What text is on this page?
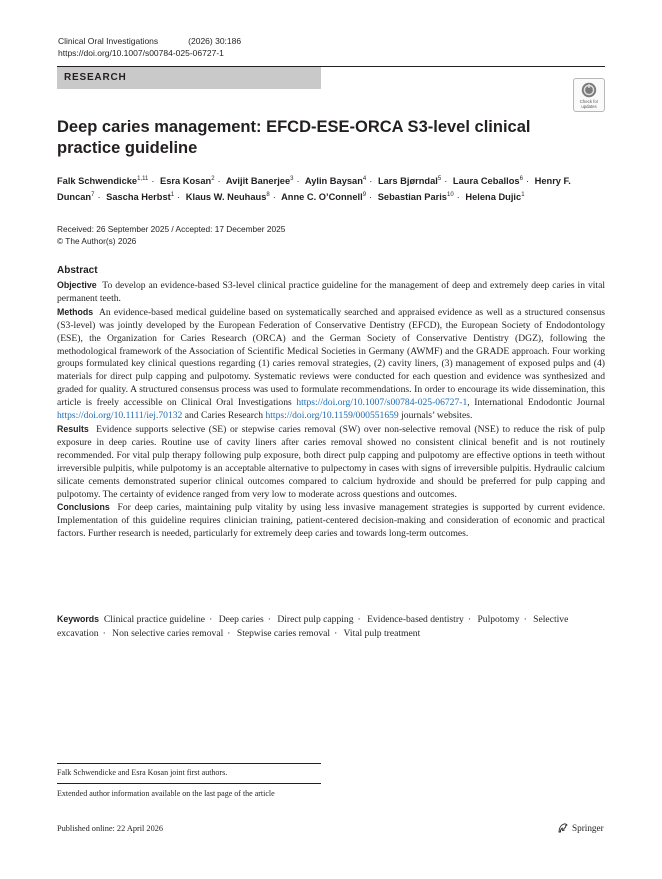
Clinical Oral Investigations	(2026) 30:186
https://doi.org/10.1007/s00784-025-06727-1
RESEARCH
Check for updates
Deep caries management: EFCD-ESE-ORCA S3-level clinical practice guideline
Falk Schwendicke$^{1,11}$ · Esra Kosan$^2$ · Avijit Banerjee$^3$ · Aylin Baysan$^4$ · Lars Bjørndal$^5$ · Laura Ceballos$^6$ · Henry F. Duncan$^7$ · Sascha Herbst$^1$ · Klaus W. Neuhaus$^8$ · Anne C. O’Connell$^9$ · Sebastian Paris$^{10}$ · Helena Dujic$^1$
Received: 26 September 2025 / Accepted: 17 December 2025
© The Author(s) 2026
Abstract

Objective To develop an evidence-based S3-level clinical practice guideline for the management of deep and extremely deep caries in vital permanent teeth.

Methods An evidence-based medical guideline based on systematically searched and appraised evidence as well as a structured consensus (S3-level) was jointly developed by the European Federation of Conservative Dentistry (EFCD), the European Society of Endodontology (ESE), the Organization for Caries Research (ORCA) and the German Society of Conservative Dentistry (DGZ), following the methodological framework of the Association of Scientific Medical Societies in Germany (AWMF) and the GRADE approach. Four working groups formulated key clinical questions regarding (1) caries removal strategies, (2) cavity liners, (3) management of exposed pulps and (4) materials for direct pulp capping and pulpotomy. Systematic reviews were conducted for each question and evidence was synthesized and graded for quality. A structured consensus process was used to formulate recommendations. In order to encourage its wide dissemination, this article is freely accessible on Clinical Oral Investigations https://doi.org/10.1007/s00784-025-06727-1, International Endodontic Journal https://doi.org/10.1111/iej.70132 and Caries Research https://doi.org/10.1159/000551659 journals’ websites.

Results Evidence supports selective (SE) or stepwise caries removal (SW) over non-selective removal (NSE) to reduce the risk of pulp exposure in deep caries. Routine use of cavity liners after caries removal showed no consistent clinical benefit and is not routinely recommended. For vital pulp therapy following pulp exposure, both direct pulp capping and pulpotomy are effective options in teeth without irreversible pulpitis, while pulpotomy is an acceptable alternative to pulpectomy in cases with signs of irreversible pulpitis. Hydraulic calcium silicate cements demonstrated superior clinical outcomes compared to calcium hydroxide and should be preferred for pulp capping and pulpotomy. The certainty of evidence ranged from very low to moderate across questions and outcomes.

Conclusions For deep caries, maintaining pulp vitality by using less invasive management strategies is supported by current evidence. Implementation of this guideline requires clinician training, patient-centered decision-making and consideration of economic and practical factors. Further research is needed, particularly for extremely deep caries and towards long-term outcomes.

Keywords Clinical practice guideline · Deep caries · Direct pulp capping · Evidence-based dentistry · Pulpotomy · Selective excavation · Non selective caries removal · Stepwise caries removal · Vital pulp treatment
Falk Schwendicke and Esra Kosan joint first authors.
Extended author information available on the last page of the article
Published online: 22 April 2026	Springer
